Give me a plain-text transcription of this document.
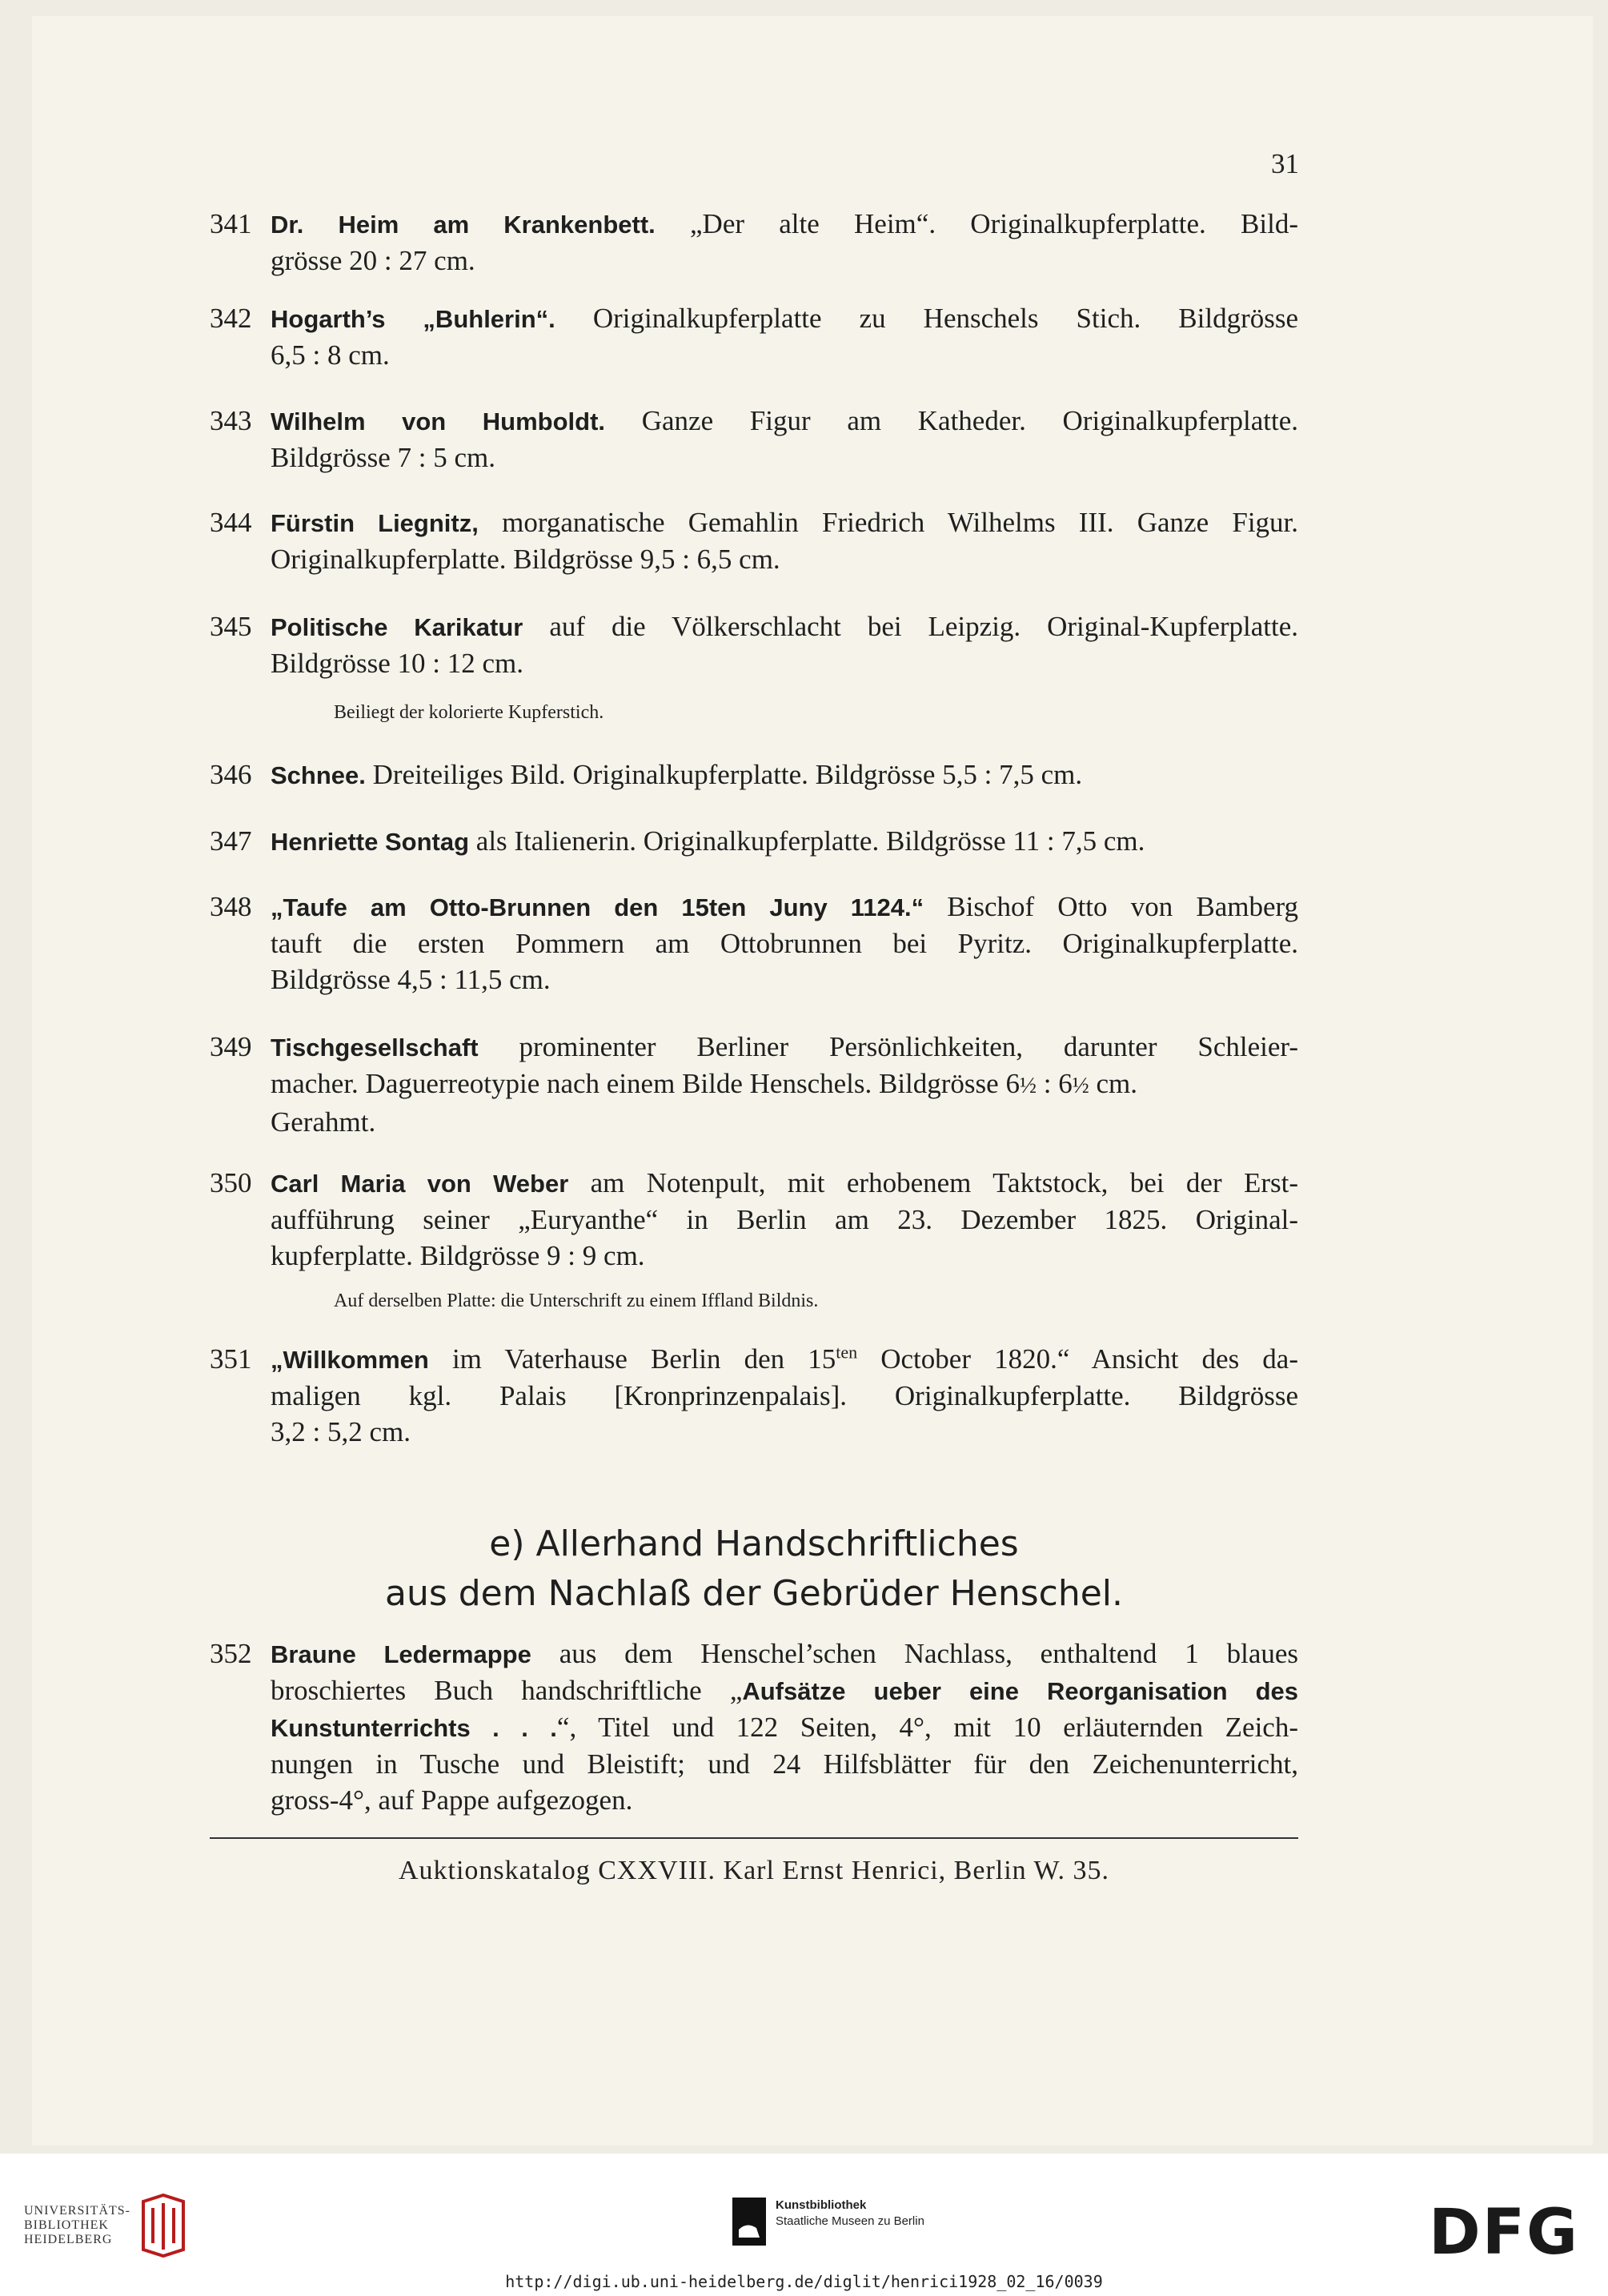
31
341 Dr. Heim am Krankenbett. „Der alte Heim“. Originalkupferplatte. Bild-
grösse 20 : 27 cm.
342 Hogarth’s „Buhlerin“. Originalkupferplatte zu Henschels Stich. Bildgrösse
6,5 : 8 cm.
343 Wilhelm von Humboldt. Ganze Figur am Katheder. Originalkupferplatte.
Bildgrösse 7 : 5 cm.
344 Fürstin Liegnitz, morganatische Gemahlin Friedrich Wilhelms III. Ganze Figur.
Originalkupferplatte. Bildgrösse 9,5 : 6,5 cm.
345 Politische Karikatur auf die Völkerschlacht bei Leipzig. Original-Kupferplatte.
Bildgrösse 10 : 12 cm.
Beiliegt der kolorierte Kupferstich.
346 Schnee. Dreiteiliges Bild. Originalkupferplatte. Bildgrösse 5,5 : 7,5 cm.
347 Henriette Sontag als Italienerin. Originalkupferplatte. Bildgrösse 11 : 7,5 cm.
348 „Taufe am Otto-Brunnen den 15ten Juny 1124.“ Bischof Otto von Bamberg
tauft die ersten Pommern am Ottobrunnen bei Pyritz. Originalkupferplatte.
Bildgrösse 4,5 : 11,5 cm.
349 Tischgesellschaft prominenter Berliner Persönlichkeiten, darunter Schleier-
macher. Daguerreotypie nach einem Bilde Henschels. Bildgrösse 6½ : 6½ cm.
Gerahmt.
350 Carl Maria von Weber am Notenpult, mit erhobenem Taktstock, bei der Erst-
aufführung seiner „Euryanthe“ in Berlin am 23. Dezember 1825. Original-
kupferplatte. Bildgrösse 9 : 9 cm.
Auf derselben Platte: die Unterschrift zu einem Iffland Bildnis.
351 „Willkommen im Vaterhause Berlin den $15^{ten}$ October 1820.“ Ansicht des da-
maligen kgl. Palais [Kronprinzenpalais]. Originalkupferplatte. Bildgrösse
3,2 : 5,2 cm.
e) Allerhand Handschriftliches
aus dem Nachlaß der Gebrüder Henschel.
352 Braune Ledermappe aus dem Henschel’schen Nachlass, enthaltend 1 blaues
broschiertes Buch handschriftliche „Aufsätze ueber eine Reorganisation des
Kunstunterrichts . . .“, Titel und 122 Seiten, 4°, mit 10 erläuternden Zeich-
nungen in Tusche und Bleistift; und 24 Hilfsblätter für den Zeichenunterricht,
gross-4°, auf Pappe aufgezogen.
Auktionskatalog CXXVIII. Karl Ernst Henrici, Berlin W. 35.
UNIVERSITÄTS-
BIBLIOTHEK
HEIDELBERG
Kunstbibliothek
Staatliche Museen zu Berlin	DFG
http://digi.ub.uni-heidelberg.de/diglit/henrici1928_02_16/0039
